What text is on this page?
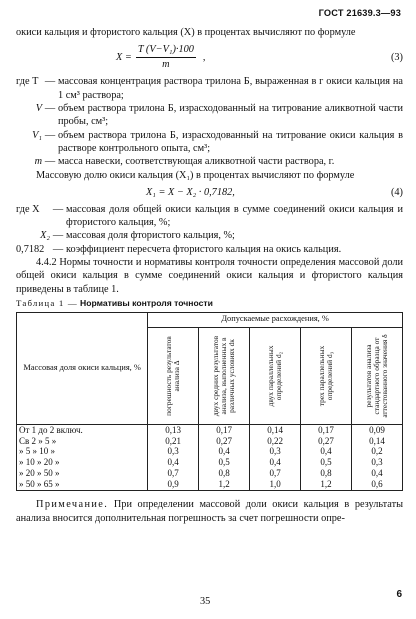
ГОСТ 21639.3—93

окиси кальция и фтористого кальция (X) в процентах вычисляют по формуле

$X = \frac{\text{T (V−V₁)·100}}{m}$ ,	(3)
где T — массовая концентрация раствора трилона Б, выраженная в г окиси кальция на 1 см³ раствора;
V — объем раствора трилона Б, израсходованный на титрование аликвотной части пробы, см³;
V₁ — объем раствора трилона Б, израсходованный на титрование окиси кальция в растворе контрольного опыта, см³;
m — масса навески, соответствующая аликвотной части раствора, г.

Массовую долю окиси кальция (X₁) в процентах вычисляют по формуле

X₁ = X − X₂ · 0,7182,	(4)
где X	— массовая доля общей окиси кальция в сумме соединений окиси кальция и фтористого кальция, %;
X₂ — массовая доля фтористого кальция, %;
0,7182 — коэффициент пересчета фтористого кальция на окись кальция.

4.4.2 Нормы точности и нормативы контроля точности определения массовой доли общей окиси кальция в сумме соединений окиси кальция и фтористого кальция приведены в таблице 1.

Таблица 1 — Нормативы контроля точности
Массовая доля окиси кальция, %	Допускаемые расхождения, %				

	погрешность результатов анализа Δ	двух средних результатов анализа, выполненных в различных условиях dк	двух параллельных определений d₂	трех параллельных определений d₃	результатов анализа стандартного образца от аттестованного значения δ

От 1 до 2 включ.	0,13	0,17	0,14	0,17	0,09
Св 2 » 5 »	0,21	0,27	0,22	0,27	0,14
» 5 » 10 »	0,3	0,4	0,3	0,4	0,2
» 10 » 20 »	0,4	0,5	0,4	0,5	0,3
» 20 » 50 »	0,7	0,8	0,7	0,8	0,4
» 50 » 65 »	0,9	1,2	1,0	1,2	0,6

Примечание. При определении массовой доли окиси кальция в результаты анализа вносится дополнительная погрешность за счет погрешности опре-

35
6
